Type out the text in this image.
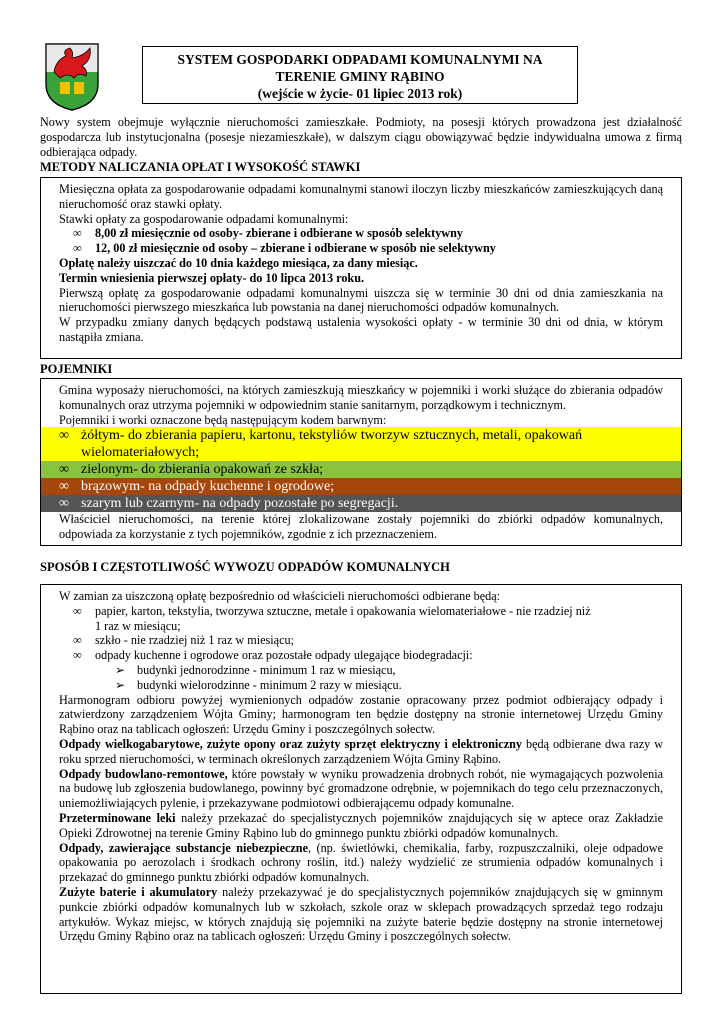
SYSTEM GOSPODARKI ODPADAMI KOMUNALNYMI NA
TERENIE GMINY RĄBINO
(wejście w życie- 01 lipiec 2013 rok)
Nowy system obejmuje wyłącznie nieruchomości zamieszkałe. Podmioty, na posesji których prowadzona jest działalność gospodarcza lub instytucjonalna (posesje niezamieszkałe), w dalszym ciągu obowiązywać będzie indywidualna umowa z firmą odbierająca odpady.
METODY NALICZANIA OPŁAT I WYSOKOŚĆ STAWKI

Miesięczna opłata za gospodarowanie odpadami komunalnymi stanowi iloczyn liczby mieszkańców zamieszkujących daną nieruchomość oraz stawki opłaty.

Stawki opłaty za gospodarowanie odpadami komunalnymi:

∞	8,00 zł miesięcznie od osoby- zbierane i odbierane w sposób selektywny
∞	12, 00 zł miesięcznie od osoby – zbierane i odbierane w sposób nie selektywny

Opłatę należy uiszczać do 10 dnia każdego miesiąca, za dany miesiąc.

Termin wniesienia pierwszej opłaty- do 10 lipca 2013 roku.

Pierwszą opłatę za gospodarowanie odpadami komunalnymi uiszcza się w terminie 30 dni od dnia zamieszkania na nieruchomości pierwszego mieszkańca lub powstania na danej nieruchomości odpadów komunalnych.

W przypadku zmiany danych będących podstawą ustalenia wysokości opłaty - w terminie 30 dni od dnia, w którym nastąpiła zmiana.

POJEMNIKI

Gmina wyposaży nieruchomości, na których zamieszkują mieszkańcy w pojemniki i worki służące do zbierania odpadów komunalnych oraz utrzyma pojemniki w odpowiednim stanie sanitarnym, porządkowym i technicznym.

Pojemniki i worki oznaczone będą następującym kodem barwnym:

∞ żółtym- do zbierania papieru, kartonu, tekstyliów tworzyw sztucznych, metali, opakowań wielomateriałowych;
∞ zielonym- do zbierania opakowań ze szkła;
∞ brązowym- na odpady kuchenne i ogrodowe;
∞ szarym lub czarnym- na odpady pozostałe po segregacji.

Właściciel nieruchomości, na terenie której zlokalizowane zostały pojemniki do zbiórki odpadów komunalnych, odpowiada za korzystanie z tych pojemników, zgodnie z ich przeznaczeniem.

SPOSÓB I CZĘSTOTLIWOŚĆ WYWOZU ODPADÓW KOMUNALNYCH

W zamian za uiszczoną opłatę bezpośrednio od właścicieli nieruchomości odbierane będą:

∞	papier, karton, tekstylia, tworzywa sztuczne, metale i opakowania wielomateriałowe - nie rzadziej niż
1 raz w miesiącu;
∞	szkło - nie rzadziej niż 1 raz w miesiącu;
∞	odpady kuchenne i ogrodowe oraz pozostałe odpady ulegające biodegradacji:
➢ budynki jednorodzinne - minimum 1 raz w miesiącu,
➢ budynki wielorodzinne - minimum 2 razy w miesiącu.

Harmonogram odbioru powyżej wymienionych odpadów zostanie opracowany przez podmiot odbierający odpady i zatwierdzony zarządzeniem Wójta Gminy; harmonogram ten będzie dostępny na stronie internetowej Urzędu Gminy Rąbino oraz na tablicach ogłoszeń: Urzędu Gminy i poszczególnych sołectw.

Odpady wielkogabarytowe, zużyte opony oraz zużyty sprzęt elektryczny i elektroniczny będą odbierane dwa razy w roku sprzed nieruchomości, w terminach określonych zarządzeniem Wójta Gminy Rąbino.

Odpady budowlano-remontowe, które powstały w wyniku prowadzenia drobnych robót, nie wymagających pozwolenia na budowę lub zgłoszenia budowlanego, powinny być gromadzone odrębnie, w pojemnikach do tego celu przeznaczonych, uniemożliwiających pylenie, i przekazywane podmiotowi odbierającemu odpady komunalne.

Przeterminowane leki należy przekazać do specjalistycznych pojemników znajdujących się w aptece oraz Zakładzie Opieki Zdrowotnej na terenie Gminy Rąbino lub do gminnego punktu zbiórki odpadów komunalnych.

Odpady, zawierające substancje niebezpieczne, (np. świetlówki, chemikalia, farby, rozpuszczalniki, oleje odpadowe opakowania po aerozolach i środkach ochrony roślin, itd.) należy wydzielić ze strumienia odpadów komunalnych i przekazać do gminnego punktu zbiórki odpadów komunalnych.

Zużyte baterie i akumulatory należy przekazywać je do specjalistycznych pojemników znajdujących się w gminnym punkcie zbiórki odpadów komunalnych lub w szkołach, szkole oraz w sklepach prowadzących sprzedaż tego rodzaju artykułów. Wykaz miejsc, w których znajdują się pojemniki na zużyte baterie będzie dostępny na stronie internetowej Urzędu Gminy Rąbino oraz na tablicach ogłoszeń: Urzędu Gminy i poszczególnych sołectw.
